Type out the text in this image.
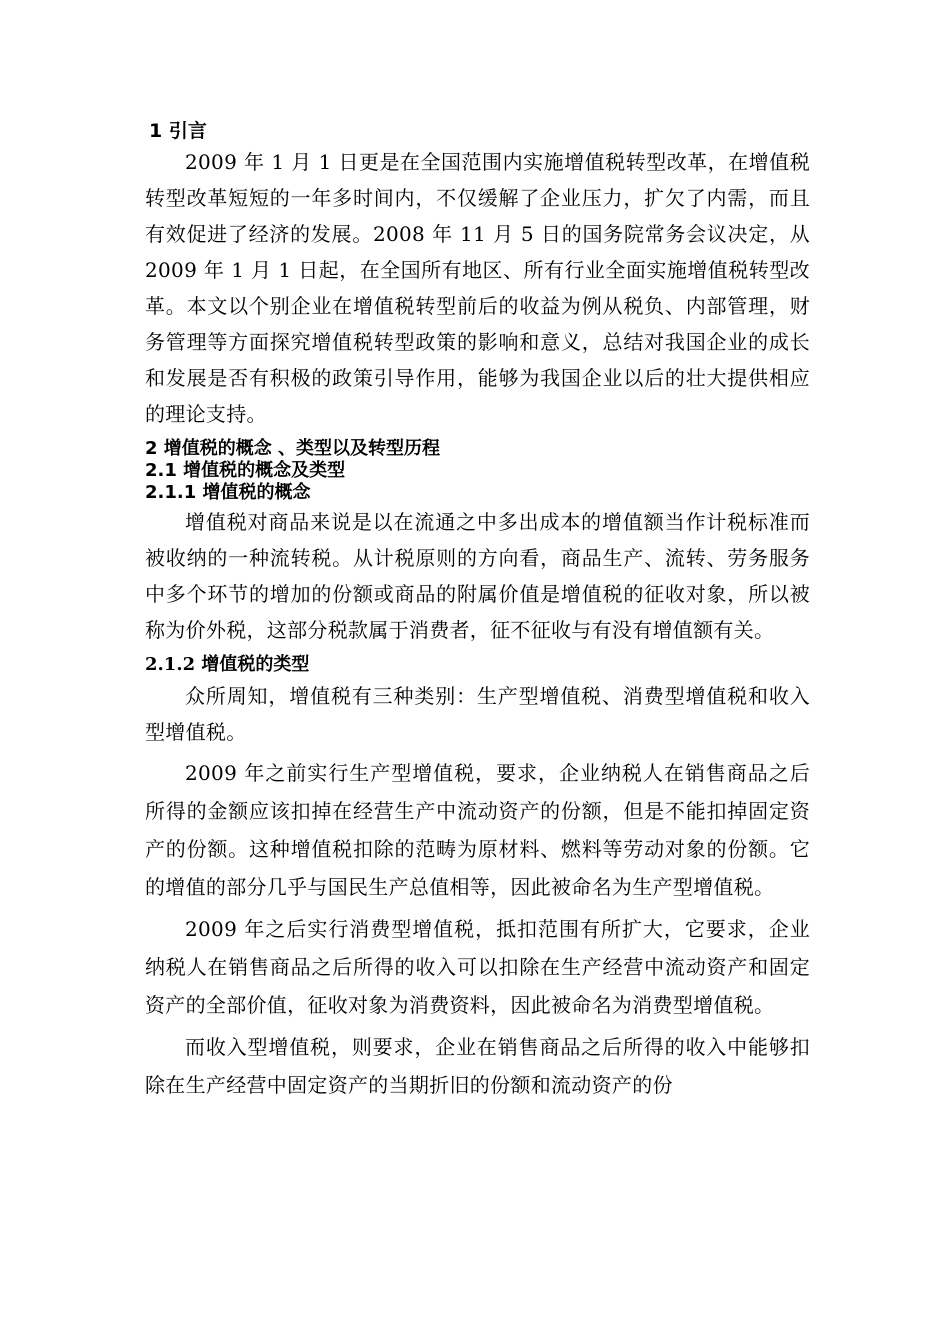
1 引言

2009 年 1 月 1 日更是在全国范围内实施增值税转型改革，在增值税转型改革短短的一年多时间内，不仅缓解了企业压力，扩欠了内需，而且有效促进了经济的发展。2008 年 11 月 5 日的国务院常务会议决定，从 2009 年 1 月 1 日起，在全国所有地区、所有行业全面实施增值税转型改革。本文以个别企业在增值税转型前后的收益为例从税负、内部管理，财务管理等方面探究增值税转型政策的影响和意义，总结对我国企业的成长和发展是否有积极的政策引导作用，能够为我国企业以后的壮大提供相应的理论支持。

2 增值税的概念 、类型以及转型历程
2.1 增值税的概念及类型
2.1.1 增值税的概念

增值税对商品来说是以在流通之中多出成本的增值额当作计税标准而被收纳的一种流转税。从计税原则的方向看，商品生产、流转、劳务服务中多个环节的增加的份额或商品的附属价值是增值税的征收对象，所以被称为价外税，这部分税款属于消费者，征不征收与有没有增值额有关。

2.1.2 增值税的类型

众所周知，增值税有三种类别：生产型增值税、消费型增值税和收入型增值税。

2009 年之前实行生产型增值税，要求，企业纳税人在销售商品之后所得的金额应该扣掉在经营生产中流动资产的份额，但是不能扣掉固定资产的份额。这种增值税扣除的范畴为原材料、燃料等劳动对象的份额。它的增值的部分几乎与国民生产总值相等，因此被命名为生产型增值税。

2009 年之后实行消费型增值税，抵扣范围有所扩大，它要求，企业纳税人在销售商品之后所得的收入可以扣除在生产经营中流动资产和固定资产的全部价值，征收对象为消费资料，因此被命名为消费型增值税。

而收入型增值税，则要求，企业在销售商品之后所得的收入中能够扣除在生产经营中固定资产的当期折旧的份额和流动资产的份
